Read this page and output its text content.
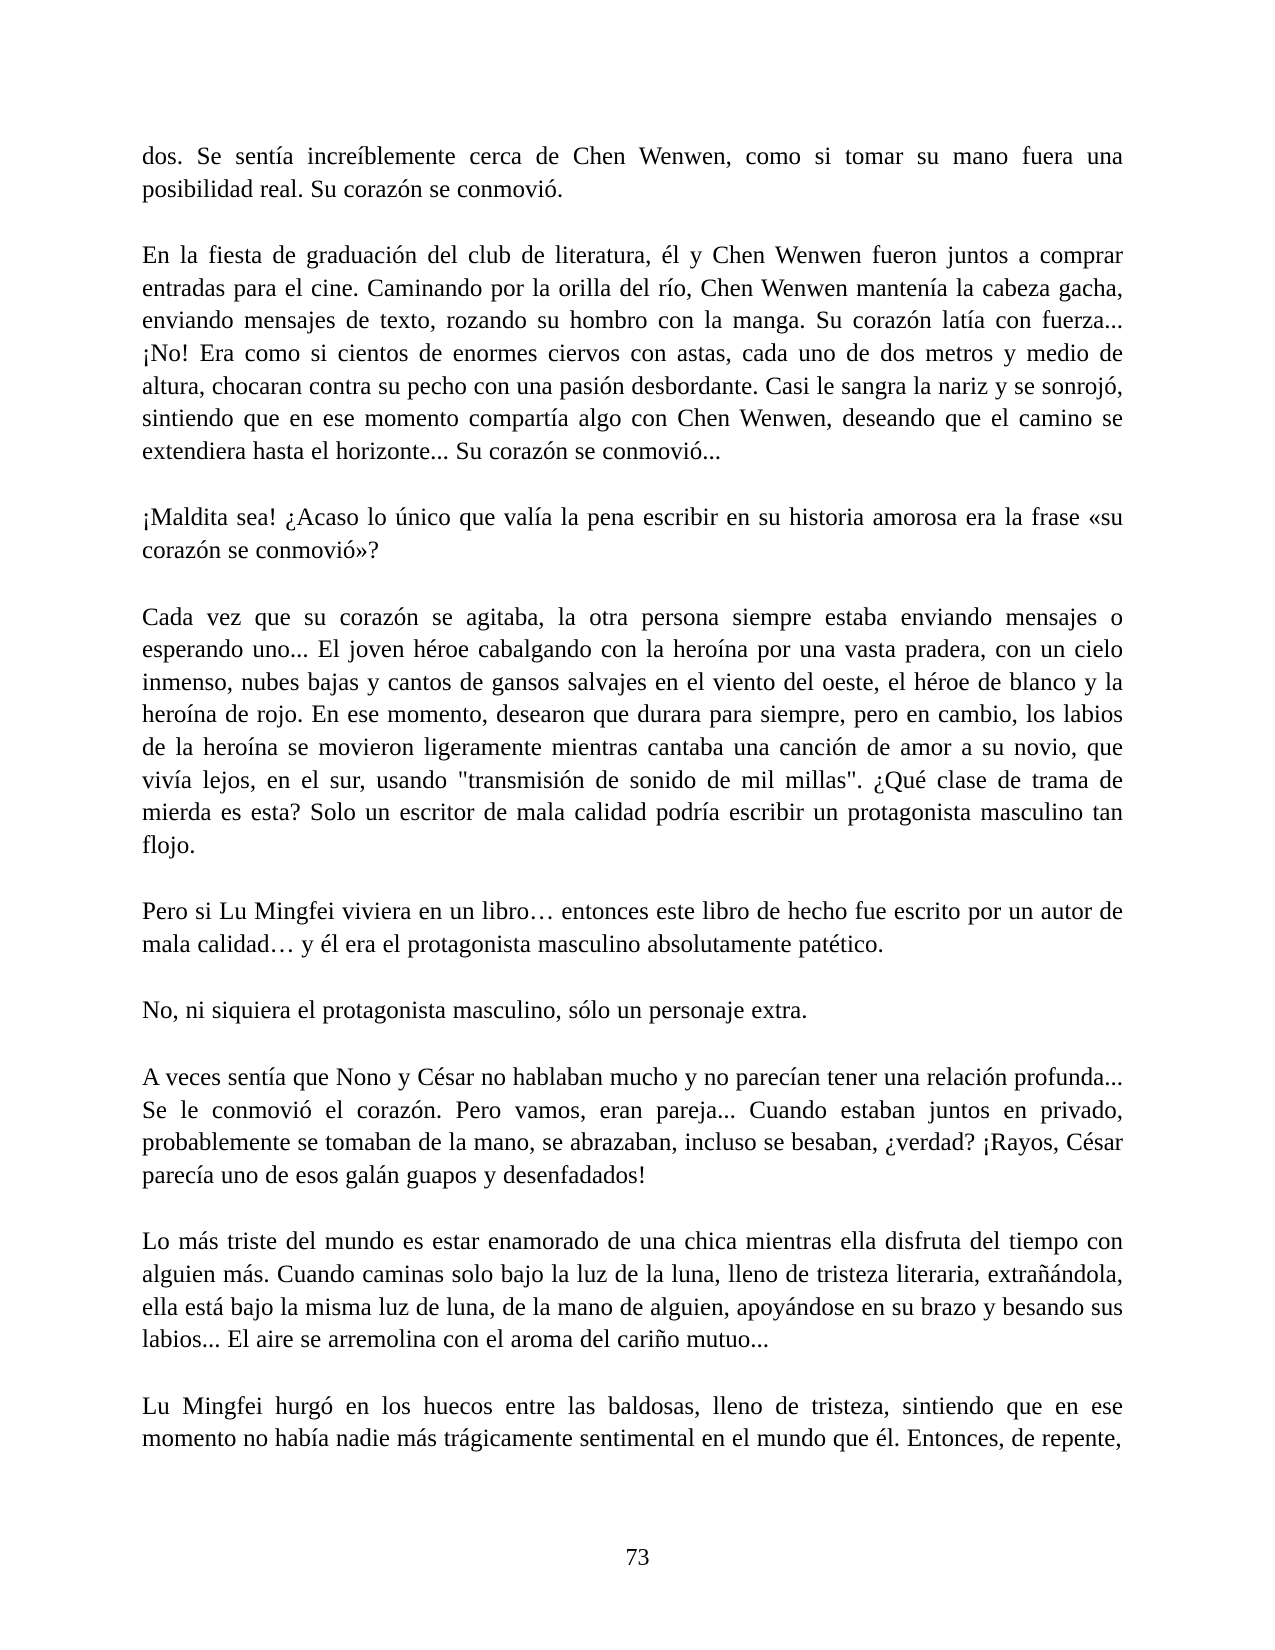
dos. Se sentía increíblemente cerca de Chen Wenwen, como si tomar su mano fuera una posibilidad real. Su corazón se conmovió.

En la fiesta de graduación del club de literatura, él y Chen Wenwen fueron juntos a comprar entradas para el cine. Caminando por la orilla del río, Chen Wenwen mantenía la cabeza gacha, enviando mensajes de texto, rozando su hombro con la manga. Su corazón latía con fuerza... ¡No! Era como si cientos de enormes ciervos con astas, cada uno de dos metros y medio de altura, chocaran contra su pecho con una pasión desbordante. Casi le sangra la nariz y se sonrojó, sintiendo que en ese momento compartía algo con Chen Wenwen, deseando que el camino se extendiera hasta el horizonte... Su corazón se conmovió...

¡Maldita sea! ¿Acaso lo único que valía la pena escribir en su historia amorosa era la frase «su corazón se conmovió»?

Cada vez que su corazón se agitaba, la otra persona siempre estaba enviando mensajes o esperando uno... El joven héroe cabalgando con la heroína por una vasta pradera, con un cielo inmenso, nubes bajas y cantos de gansos salvajes en el viento del oeste, el héroe de blanco y la heroína de rojo. En ese momento, desearon que durara para siempre, pero en cambio, los labios de la heroína se movieron ligeramente mientras cantaba una canción de amor a su novio, que vivía lejos, en el sur, usando "transmisión de sonido de mil millas". ¿Qué clase de trama de mierda es esta? Solo un escritor de mala calidad podría escribir un protagonista masculino tan flojo.

Pero si Lu Mingfei viviera en un libro… entonces este libro de hecho fue escrito por un autor de mala calidad… y él era el protagonista masculino absolutamente patético.

No, ni siquiera el protagonista masculino, sólo un personaje extra.

A veces sentía que Nono y César no hablaban mucho y no parecían tener una relación profunda... Se le conmovió el corazón. Pero vamos, eran pareja... Cuando estaban juntos en privado, probablemente se tomaban de la mano, se abrazaban, incluso se besaban, ¿verdad? ¡Rayos, César parecía uno de esos galán guapos y desenfadados!

Lo más triste del mundo es estar enamorado de una chica mientras ella disfruta del tiempo con alguien más. Cuando caminas solo bajo la luz de la luna, lleno de tristeza literaria, extrañándola, ella está bajo la misma luz de luna, de la mano de alguien, apoyándose en su brazo y besando sus labios... El aire se arremolina con el aroma del cariño mutuo...

Lu Mingfei hurgó en los huecos entre las baldosas, lleno de tristeza, sintiendo que en ese momento no había nadie más trágicamente sentimental en el mundo que él. Entonces, de repente,

73
